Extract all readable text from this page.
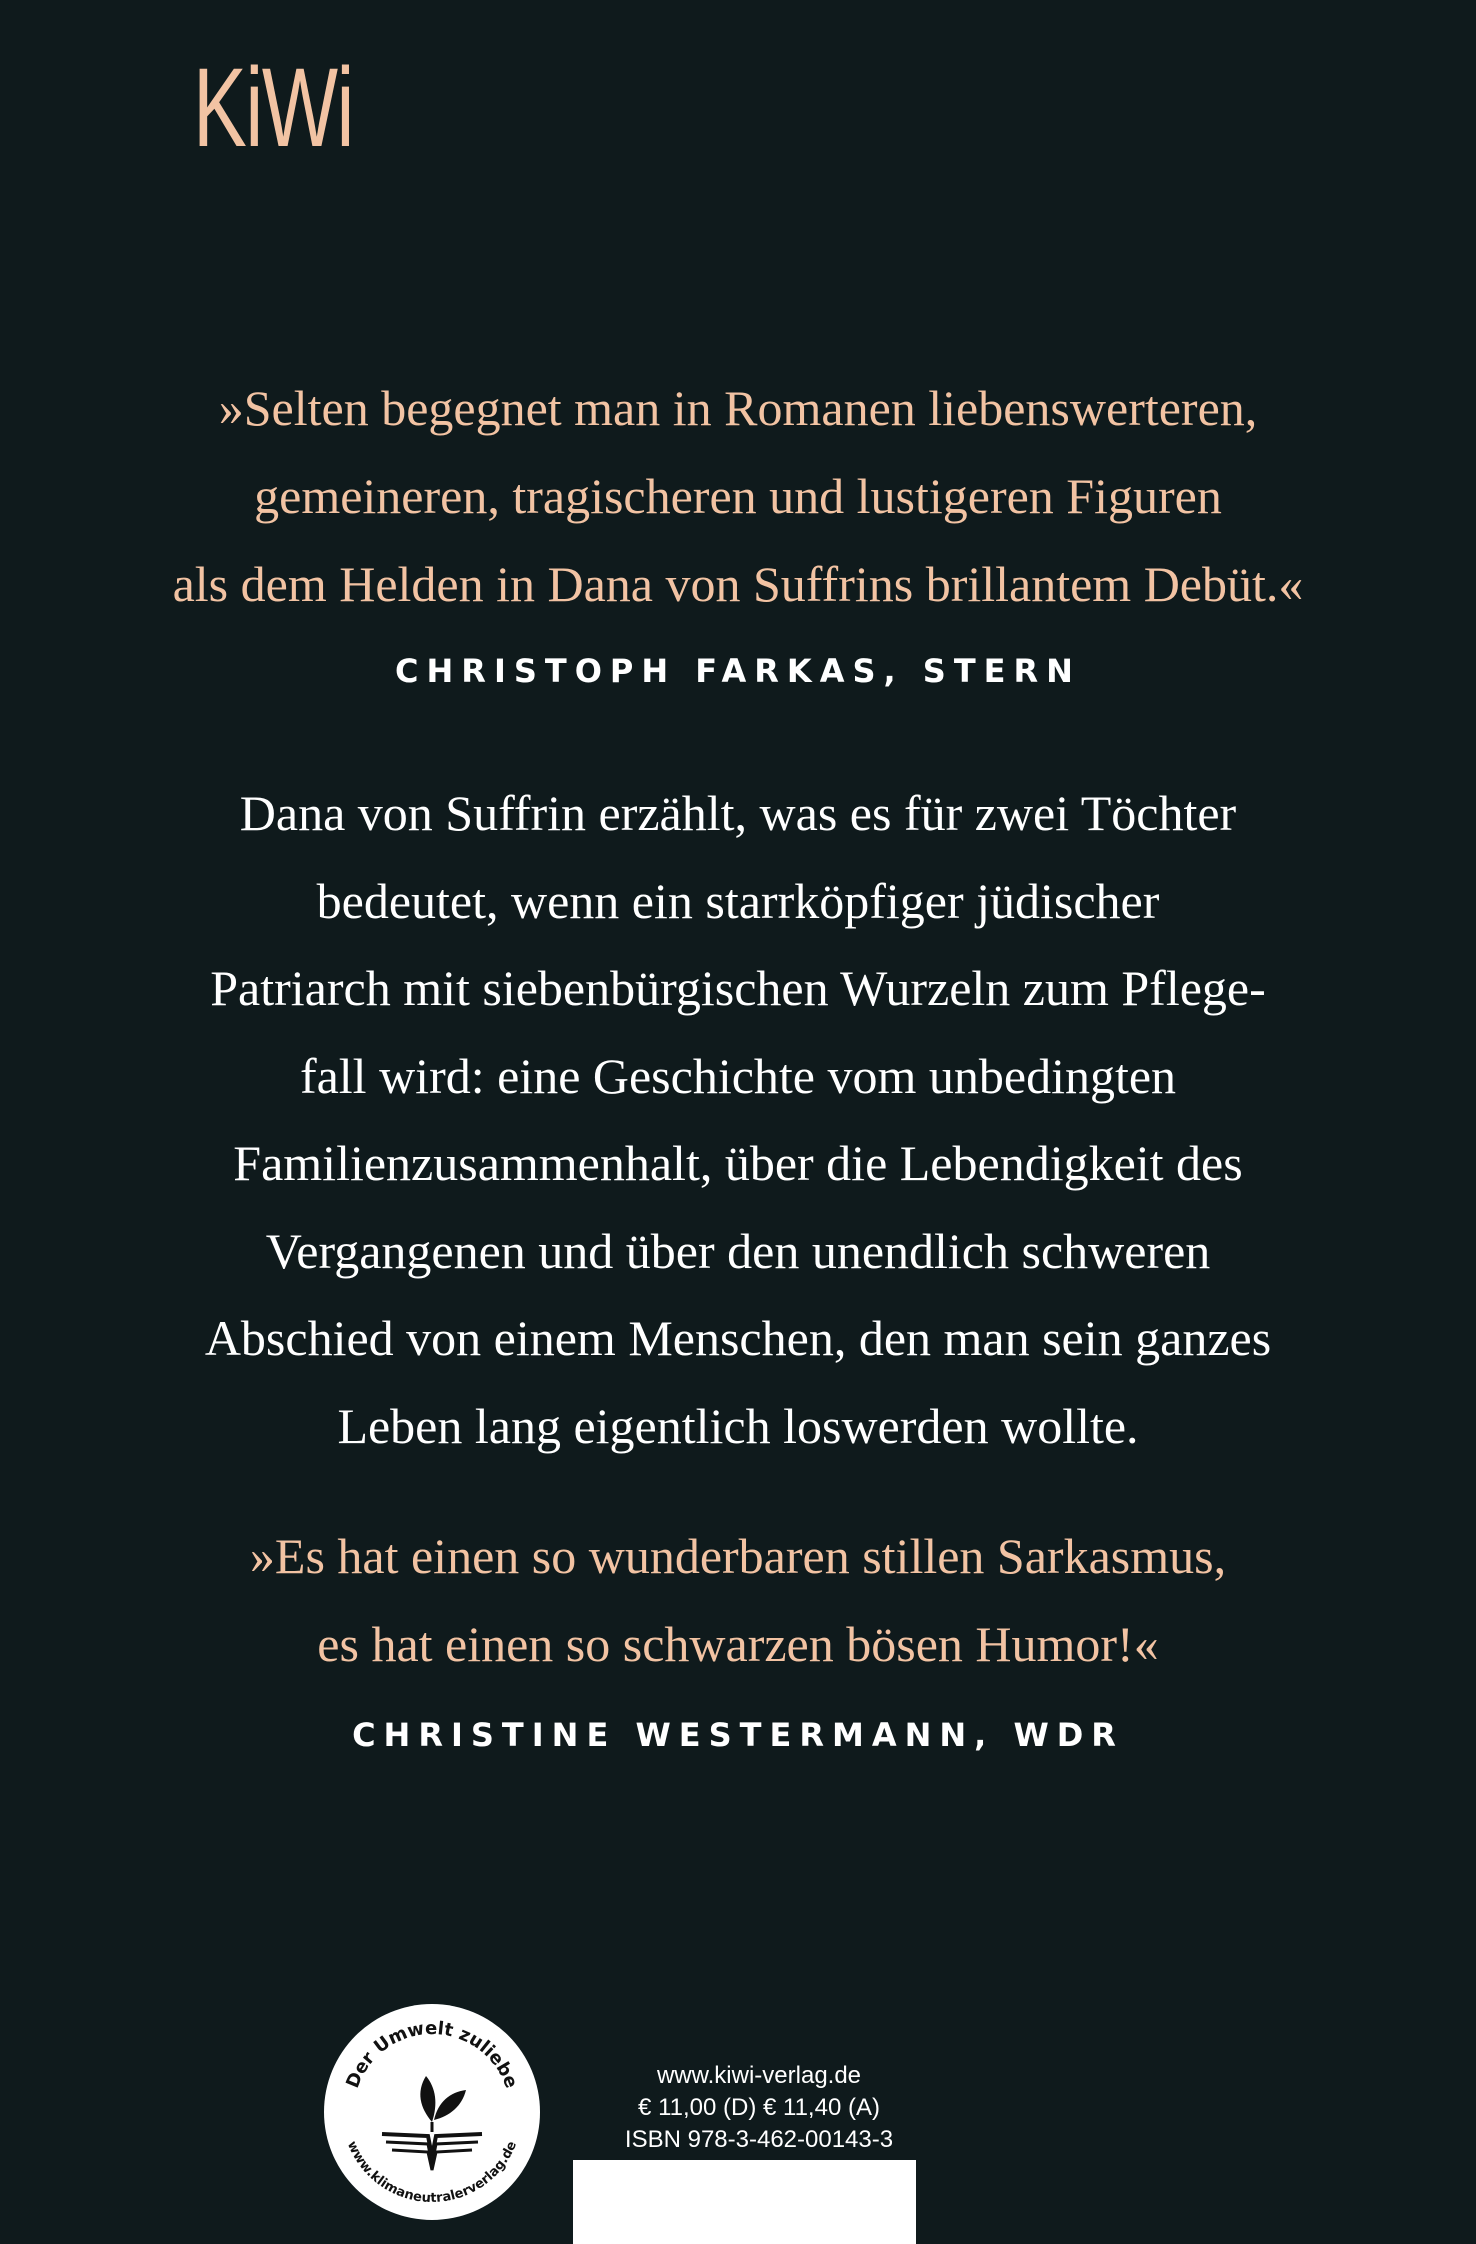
KiWi
»Selten begegnet man in Romanen liebenswerteren,
gemeineren, tragischeren und lustigeren Figuren
als dem Helden in Dana von Suffrins brillantem Debüt.«
CHRISTOPH FARKAS, STERN
Dana von Suffrin erzählt, was es für zwei Töchter
bedeutet, wenn ein starrköpfiger jüdischer
Patriarch mit siebenbürgischen Wurzeln zum Pflege-
fall wird: eine Geschichte vom unbedingten
Familienzusammenhalt, über die Lebendigkeit des
Vergangenen und über den unendlich schweren
Abschied von einem Menschen, den man sein ganzes
Leben lang eigentlich loswerden wollte.
»Es hat einen so wunderbaren stillen Sarkasmus,
es hat einen so schwarzen bösen Humor!«
CHRISTINE WESTERMANN, WDR
Der Umwelt zuliebe
www.klimaneutralerverlag.de
www.kiwi-verlag.de
€ 11,00 (D) € 11,40 (A)
ISBN 978-3-462-00143-3
